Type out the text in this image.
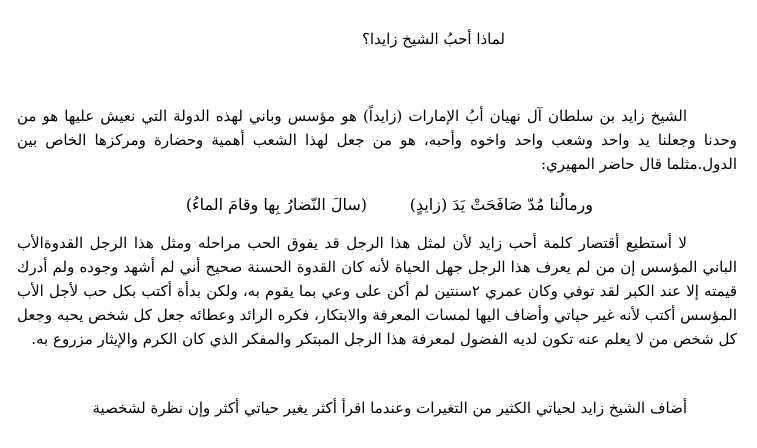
لماذا أحبُ الشيخ زايدا؟

الشيخ زايد بن سلطان آل نهيان أبُ الإمارات (زايداً) هو مؤسس وباني لهذه الدولة التي نعيش عليها هو من وحدنا وجعلنا يد واحد وشعب واحد واخوه وأحبه، هو من جعل لهذا الشعب أهمية وحضارة ومركزها الخاص بين الدول.مثلما قال حاضر المهيري:

ورمالُنا مُدّ صَافَحَتْ يَدَ (زايدٍ)
(سالَ النّضارُ بِها وقامَ الماءُ)

لا أستطيع أقتصار كلمة أحب زايد لأن لمثل هذا الرجل قد يفوق الحب مراحله ومثل هذا الرجل القدوةالأب الباني المؤسس إن من لم يعرف هذا الرجل جهل الحياة لأنه كان القدوة الحسنة صحيح أني لم أشهد وجوده ولم أدرك قيمته إلا عند الكبر لقد توفي وكان عمري ٢سنتين لم أكن على وعي بما يقوم به، ولكن بدأة أكتب بكل حب لأجل الأب المؤسس أكتب لأنه غير حياتي وأضاف اليها لمسات المعرفة والابتكار، فكره الرائد وعطائه جعل كل شخص يحبه وجعل كل شخص من لا يعلم عنه تكون لديه الفضول لمعرفة هذا الرجل المبتكر والمفكر الذي كان الكرم والإيثار مزروع به.

أضاف الشيخ زايد لحياتي الكثير من التغيرات وعندما اقرأ أكثر يغير حياتي أكثر وإن نظرة لشخصية
